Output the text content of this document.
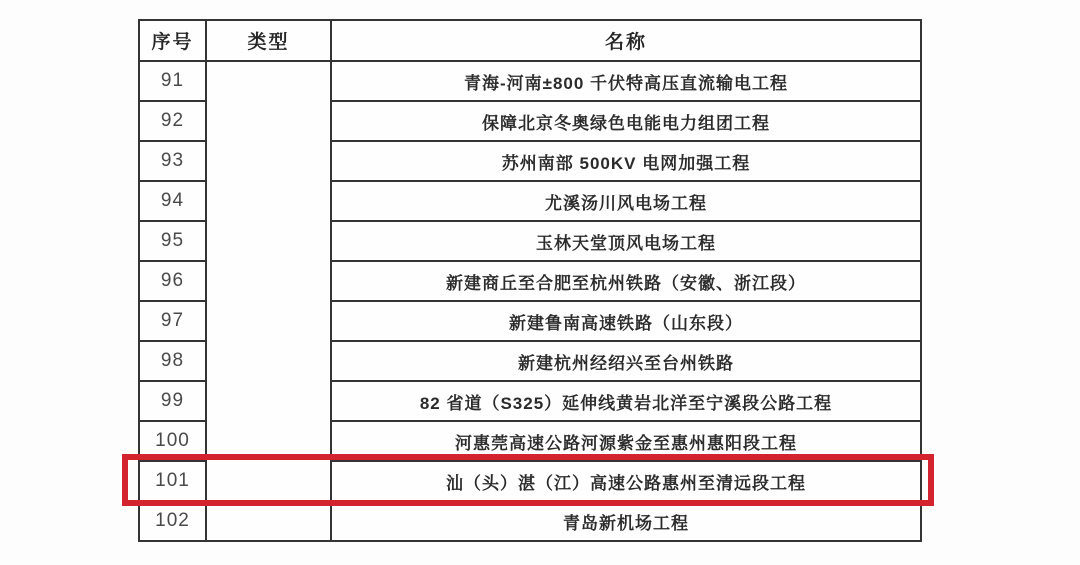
序号	类型	名称
91		青海-河南±800 千伏特高压直流输电工程
92		保障北京冬奥绿色电能电力组团工程
93		苏州南部 500KV 电网加强工程
94		尤溪汤川风电场工程
95		玉林天堂顶风电场工程
96		新建商丘至合肥至杭州铁路（安徽、浙江段）
97		新建鲁南高速铁路（山东段）
98		新建杭州经绍兴至台州铁路
99		82 省道（S325）延伸线黄岩北洋至宁溪段公路工程
100		河惠莞高速公路河源紫金至惠州惠阳段工程
101		汕（头）湛（江）高速公路惠州至清远段工程
102		青岛新机场工程
